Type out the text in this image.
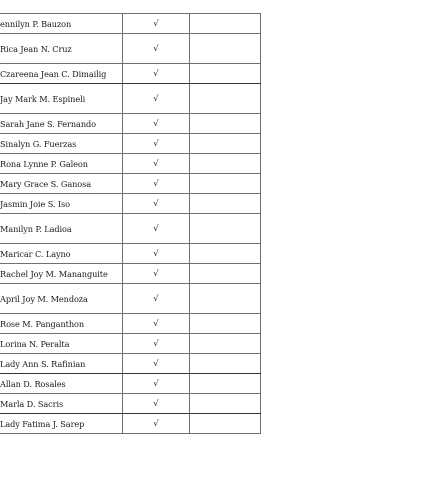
ennilyn P. Bauzon	√	
Rica Jean N. Cruz	√	
Czareena Jean C. Dimailig	√	
Jay Mark M. Espineli	√	
Sarah Jane S. Fernando	√	
Sinalyn G. Fuerzas	√	
Rona Lynne P. Galeon	√	
Mary Grace S. Ganosa	√	
Jasmin Joie S. Iso	√	
Manilyn P. Ladioa	√	
Maricar C. Layno	√	
Rachel Joy M. Mananguite	√	
April Joy M. Mendoza	√	
Rose M. Panganthon	√	
Lorina N. Peralta	√	
Lady Ann S. Rafinian	√	
Allan D. Rosales	√	
Marla D. Sacris	√	
Lady Fatima J. Sarep	√	
